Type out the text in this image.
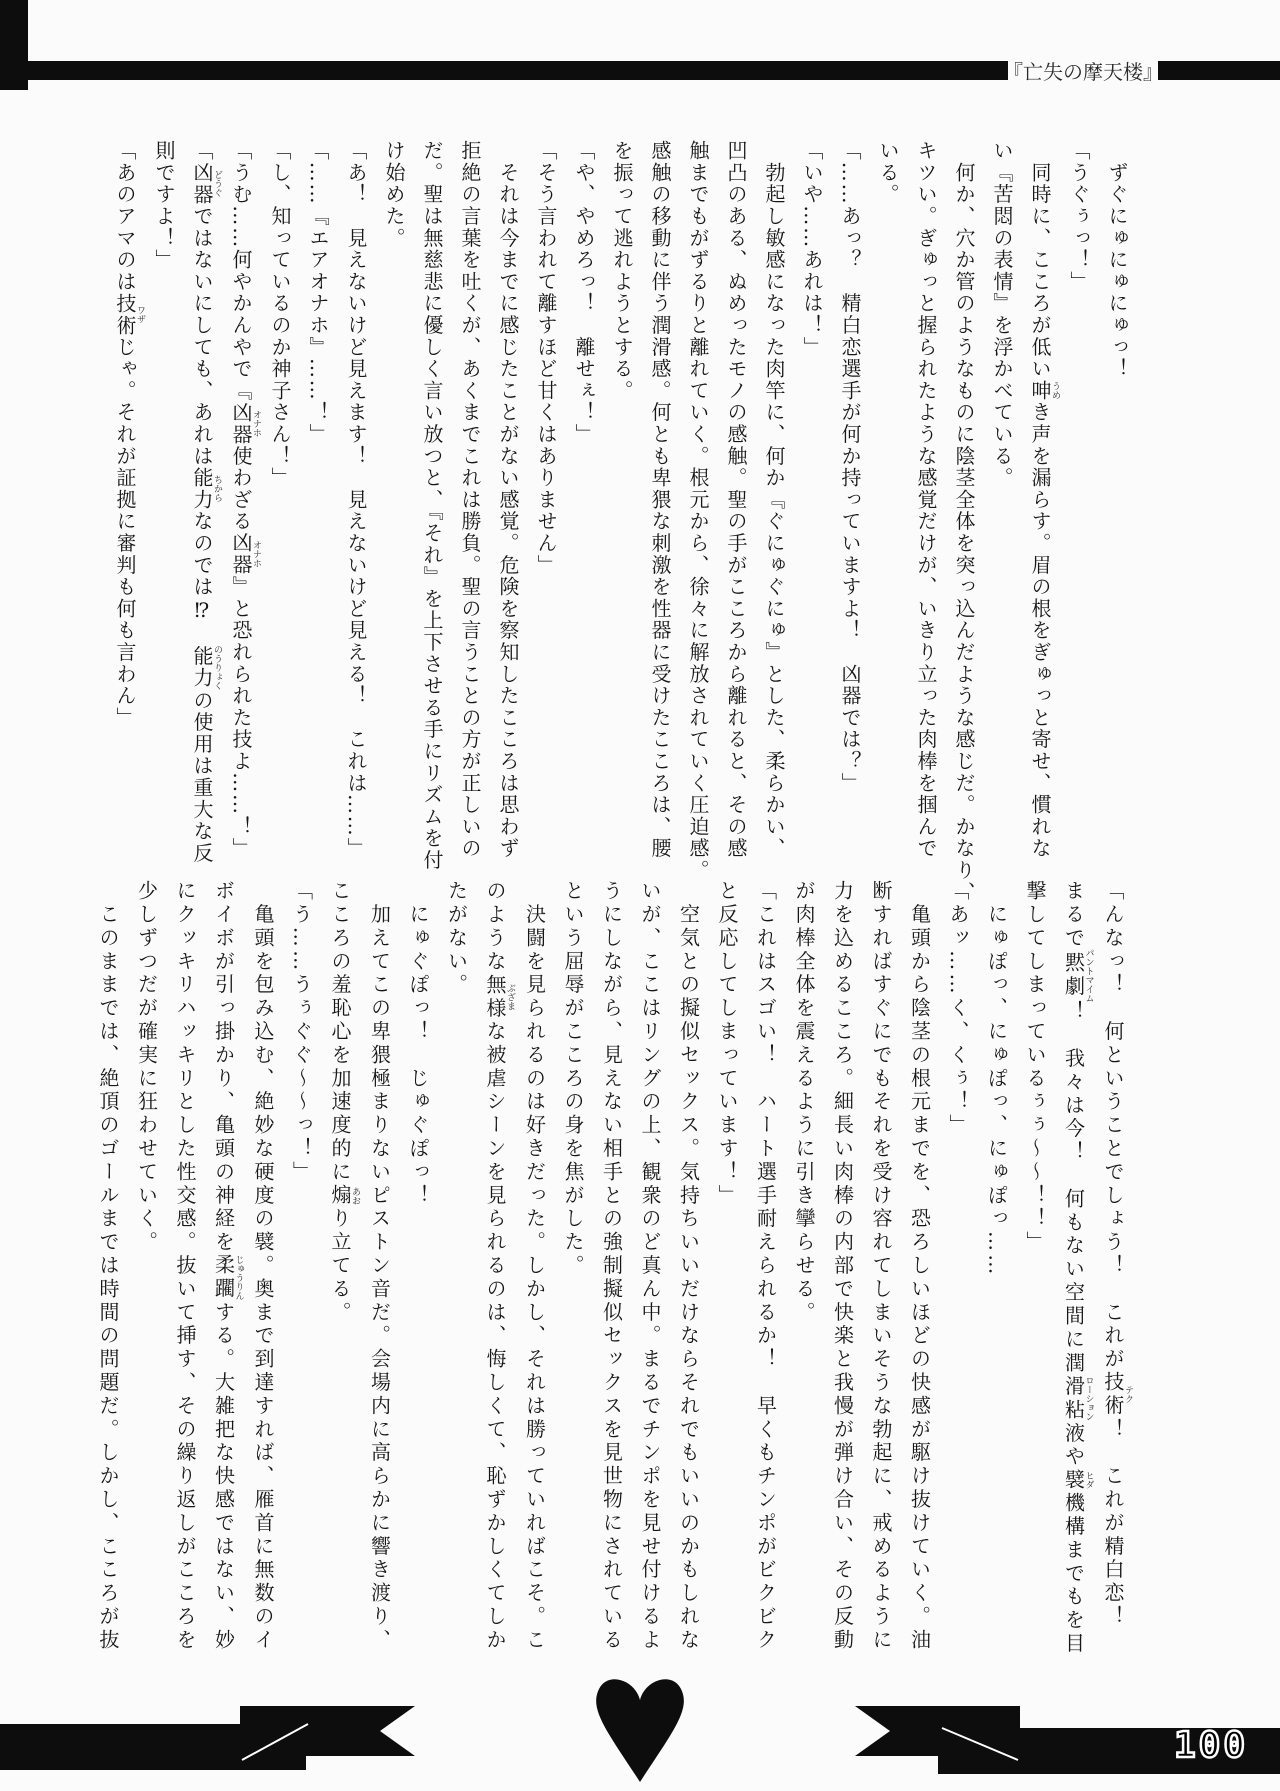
『亡失の摩天楼』

　ずぐにゅにゅにゅっ！

「うぐぅっ！」

　同時に、こころが低い呻うめき声を漏らす。眉の根をぎゅっと寄せ、慣れな

い『苦悶の表情』を浮かべている。

　何か、穴か管のようなものに陰茎全体を突っ込んだような感じだ。かなり、

キツい。ぎゅっと握られたような感覚だけが、いきり立った肉棒を掴んで

いる。

「……あっ？　精白恋選手が何か持っていますよ！　凶器では？」

「いや……あれは！」

　勃起し敏感になった肉竿に、何か『ぐにゅぐにゅ』とした、柔らかい、

凹凸のある、ぬめったモノの感触。聖の手がこころから離れると、その感

触までもがずるりと離れていく。根元から、徐々に解放されていく圧迫感。

感触の移動に伴う潤滑感。何とも卑猥な刺激を性器に受けたこころは、腰

を振って逃れようとする。

「や、やめろっ！　離せぇ！」

「そう言われて離すほど甘くはありません」

　それは今までに感じたことがない感覚。危険を察知したこころは思わず

拒絶の言葉を吐くが、あくまでこれは勝負。聖の言うことの方が正しいの

だ。聖は無慈悲に優しく言い放つと、『それ』を上下させる手にリズムを付

け始めた。

「あ！　見えないけど見えます！　見えないけど見える！　これは……」

「……『エアオナホ』……！」

「し、知っているのか神子さん！」

「うむ……何やかんやで『凶器オナホ使わざる凶器オナホ』と恐れられた技よ……！」

「凶器どうぐではないにしても、あれは能力ちからなのでは⁉　能力のうりょくの使用は重大な反

則ですよ！」

「あのアマのは技術ワザじゃ。それが証拠に審判も何も言わん」

「んなっ！　何ということでしょう！　これが技術テク！　これが精白恋！

まるで黙劇パントマイム！　我々は今！　何もない空間に潤滑粘液ローションや襞ヒダ機構までもを目

撃してしまっているぅぅ～～！！」

　にゅぽっ、にゅぽっ、にゅぽっ……

「あッ……く、くぅ！」

　亀頭から陰茎の根元までを、恐ろしいほどの快感が駆け抜けていく。油

断すればすぐにでもそれを受け容れてしまいそうな勃起に、戒めるように

力を込めるこころ。細長い肉棒の内部で快楽と我慢が弾け合い、その反動

が肉棒全体を震えるように引き攣らせる。

「これはスゴい！　ハート選手耐えられるか！　早くもチンポがビクビク

と反応してしまっています！」

　空気との擬似セックス。気持ちいいだけならそれでもいいのかもしれな

いが、ここはリングの上、観衆のど真ん中。まるでチンポを見せ付けるよ

うにしながら、見えない相手との強制擬似セックスを見世物にされている

という屈辱がこころの身を焦がした。

　決闘を見られるのは好きだった。しかし、それは勝っていればこそ。こ

のような無様ぶざまな被虐シーンを見られるのは、悔しくて、恥ずかしくてしか

たがない。

　にゅぐぽっ！　じゅぐぽっ！

　加えてこの卑猥極まりないピストン音だ。会場内に高らかに響き渡り、

こころの羞恥心を加速度的に煽あおり立てる。

「う……うぅぐぐ～～っ！」

　亀頭を包み込む、絶妙な硬度の襞。奥まで到達すれば、雁首に無数のイ

ボイボが引っ掛かり、亀頭の神経を柔躙じゅうりんする。大雑把な快感ではない、妙

にクッキリハッキリとした性交感。抜いて挿す、その繰り返しがこころを

少しずつだが確実に狂わせていく。

　このままでは、絶頂のゴールまでは時間の問題だ。しかし、こころが抜

100
